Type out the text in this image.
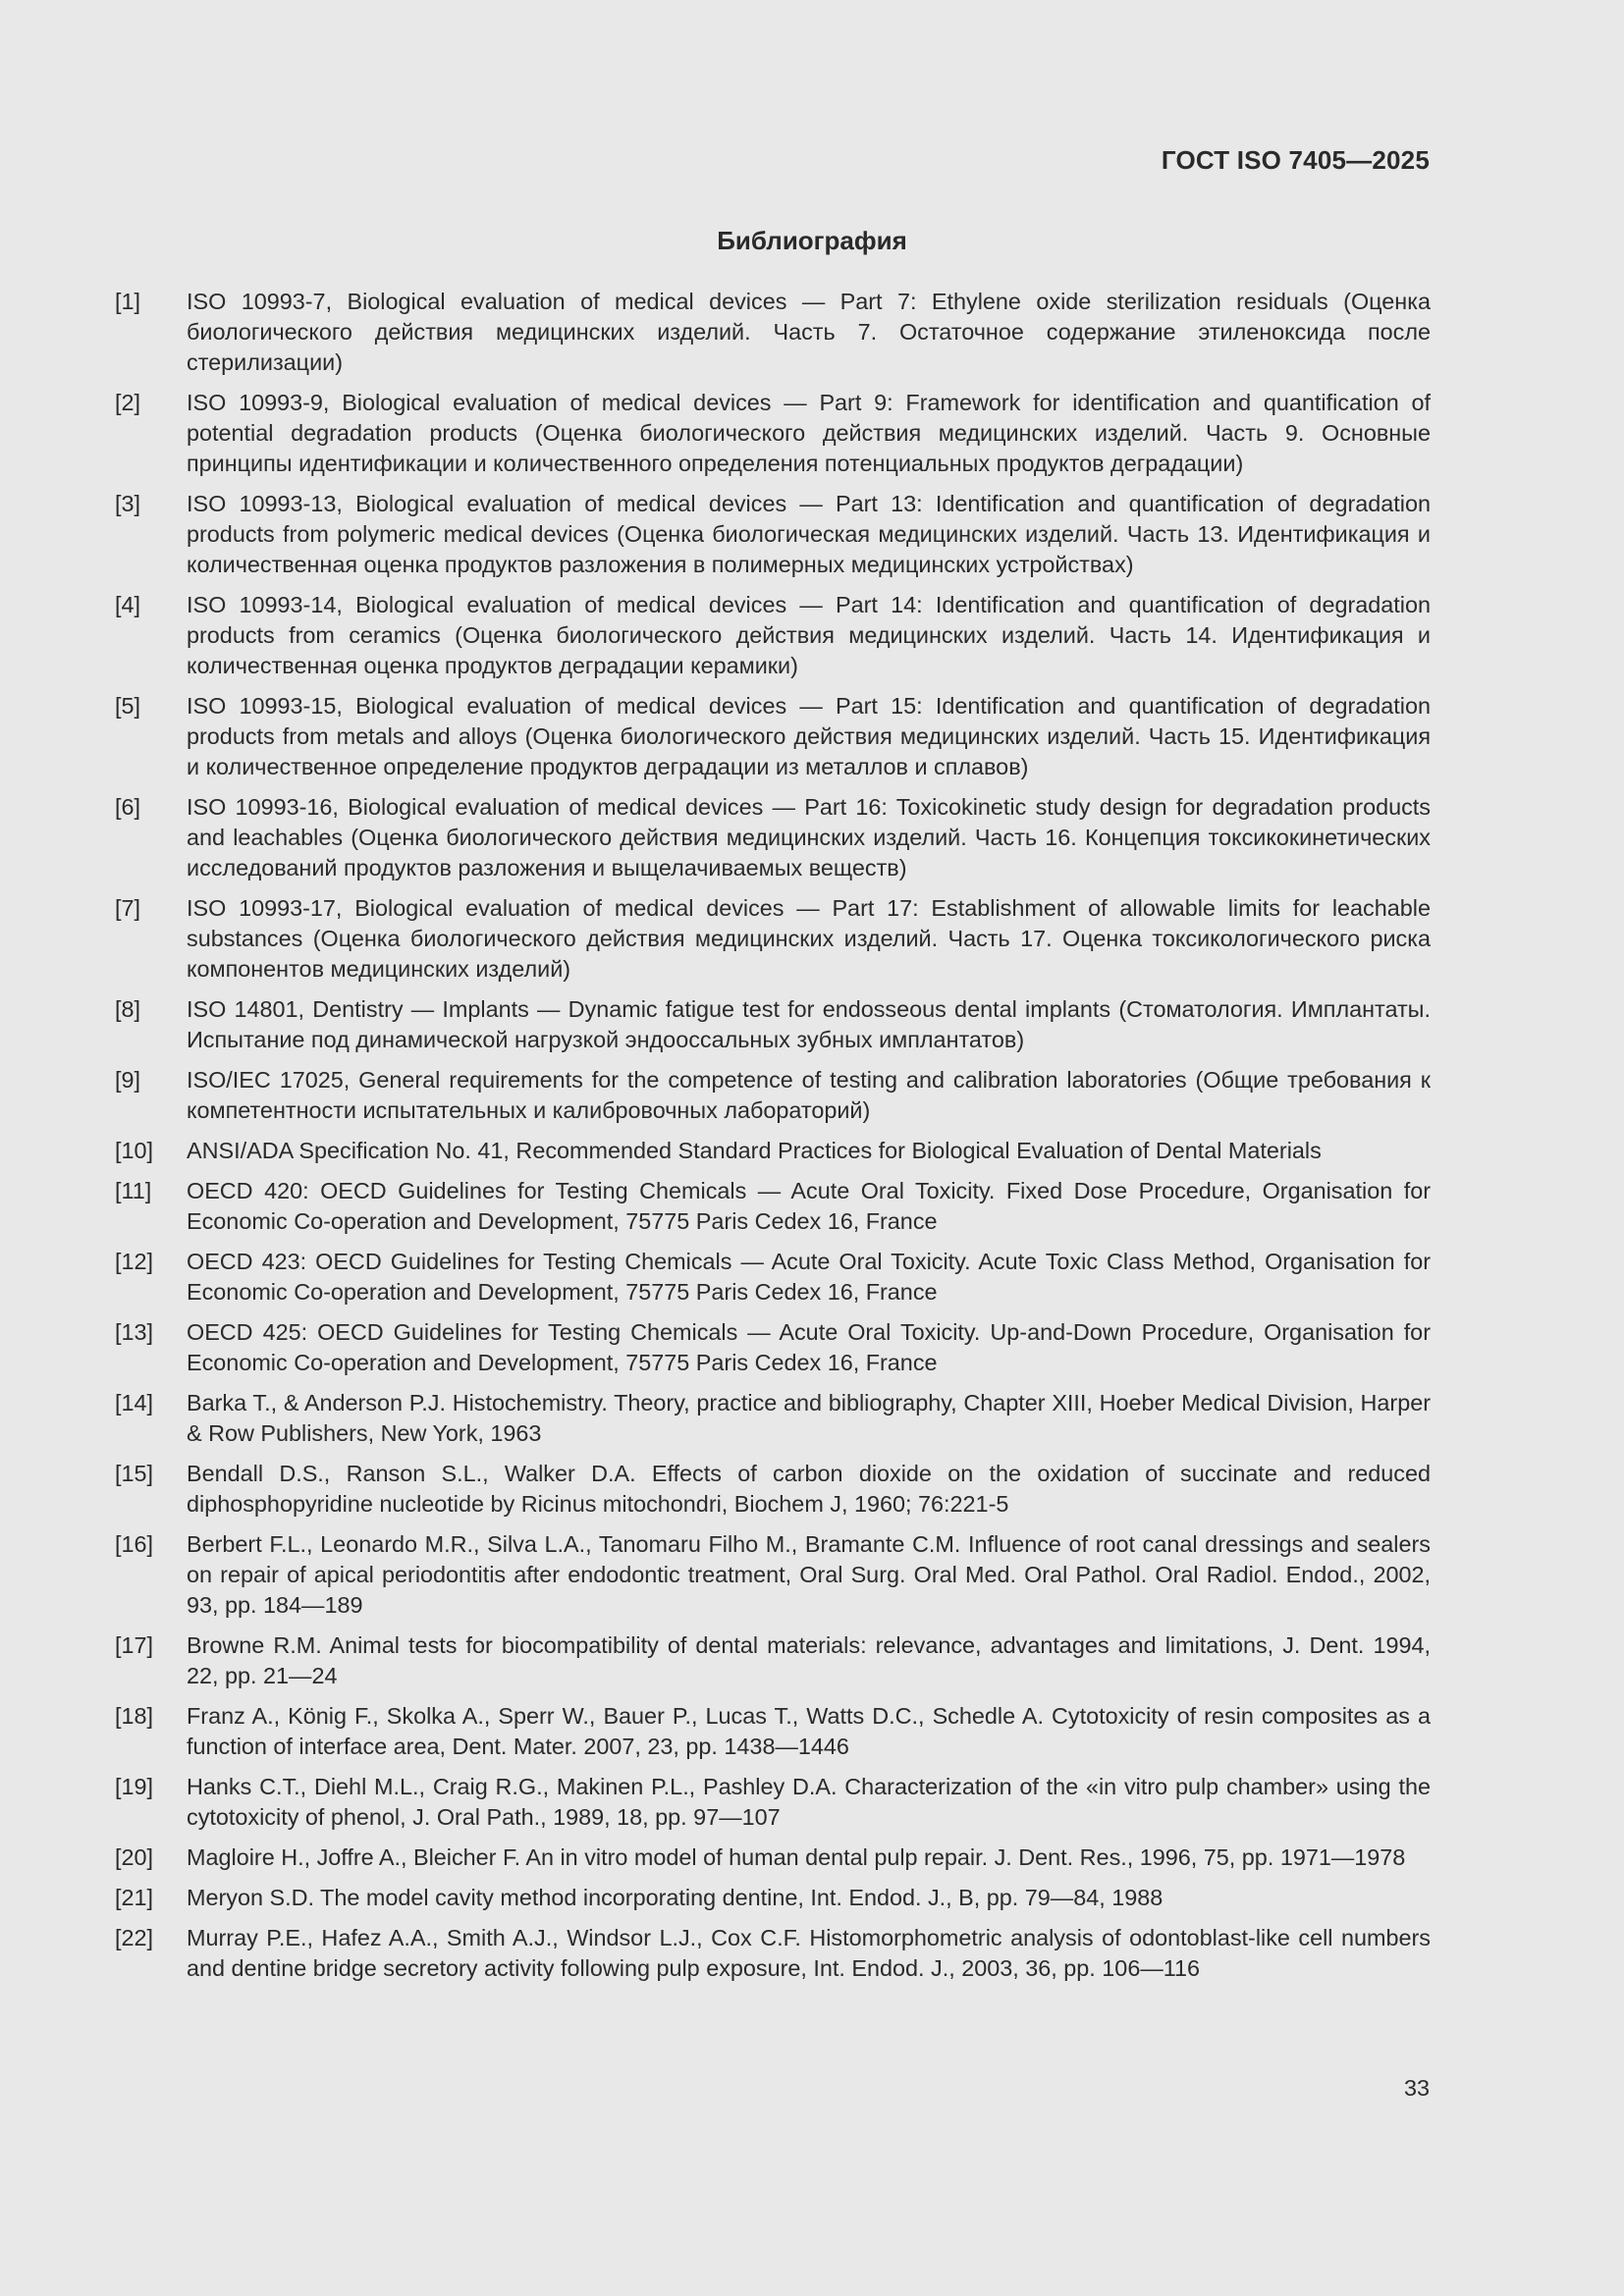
ГОСТ ISO 7405—2025
Библиография
[1]	ISO 10993-7, Biological evaluation of medical devices — Part 7: Ethylene oxide sterilization residuals (Оценка биологического действия медицинских изделий. Часть 7. Остаточное содержание этиленоксида после стерилизации)
[2]	ISO 10993-9, Biological evaluation of medical devices — Part 9: Framework for identification and quantification of potential degradation products (Оценка биологического действия медицинских изделий. Часть 9. Основные принципы идентификации и количественного определения потенциальных продуктов деградации)
[3]	ISO 10993-13, Biological evaluation of medical devices — Part 13: Identification and quantification of degradation products from polymeric medical devices (Оценка биологическая медицинских изделий. Часть 13. Идентификация и количественная оценка продуктов разложения в полимерных медицинских устройствах)
[4]	ISO 10993-14, Biological evaluation of medical devices — Part 14: Identification and quantification of degradation products from ceramics (Оценка биологического действия медицинских изделий. Часть 14. Идентификация и количественная оценка продуктов деградации керамики)
[5]	ISO 10993-15, Biological evaluation of medical devices — Part 15: Identification and quantification of degradation products from metals and alloys (Оценка биологического действия медицинских изделий. Часть 15. Идентификация и количественное определение продуктов деградации из металлов и сплавов)
[6]	ISO 10993-16, Biological evaluation of medical devices — Part 16: Toxicokinetic study design for degradation products and leachables (Оценка биологического действия медицинских изделий. Часть 16. Концепция токсикокинетических исследований продуктов разложения и выщелачиваемых веществ)
[7]	ISO 10993-17, Biological evaluation of medical devices — Part 17: Establishment of allowable limits for leachable substances (Оценка биологического действия медицинских изделий. Часть 17. Оценка токсикологического риска компонентов медицинских изделий)
[8]	ISO 14801, Dentistry — Implants — Dynamic fatigue test for endosseous dental implants (Стоматология. Имплантаты. Испытание под динамической нагрузкой эндооссальных зубных имплантатов)
[9]	ISO/IEC 17025, General requirements for the competence of testing and calibration laboratories (Общие требования к компетентности испытательных и калибровочных лабораторий)
[10]	ANSI/ADA Specification No. 41, Recommended Standard Practices for Biological Evaluation of Dental Materials
[11]	OECD 420: OECD Guidelines for Testing Chemicals — Acute Oral Toxicity. Fixed Dose Procedure, Organisation for Economic Co-operation and Development, 75775 Paris Cedex 16, France
[12]	OECD 423: OECD Guidelines for Testing Chemicals — Acute Oral Toxicity. Acute Toxic Class Method, Organisation for Economic Co-operation and Development, 75775 Paris Cedex 16, France
[13]	OECD 425: OECD Guidelines for Testing Chemicals — Acute Oral Toxicity. Up-and-Down Procedure, Organisation for Economic Co-operation and Development, 75775 Paris Cedex 16, France
[14]	Barka T., & Anderson P.J. Histochemistry. Theory, practice and bibliography, Chapter XIII, Hoeber Medical Division, Harper & Row Publishers, New York, 1963
[15]	Bendall D.S., Ranson S.L., Walker D.A. Effects of carbon dioxide on the oxidation of succinate and reduced diphosphopyridine nucleotide by Ricinus mitochondri, Biochem J, 1960; 76:221-5
[16]	Berbert F.L., Leonardo M.R., Silva L.A., Tanomaru Filho M., Bramante C.M. Influence of root canal dressings and sealers on repair of apical periodontitis after endodontic treatment, Oral Surg. Oral Med. Oral Pathol. Oral Radiol. Endod., 2002, 93, pp. 184—189
[17]	Browne R.M. Animal tests for biocompatibility of dental materials: relevance, advantages and limitations, J. Dent. 1994, 22, pp. 21—24
[18]	Franz A., König F., Skolka A., Sperr W., Bauer P., Lucas T., Watts D.C., Schedle A. Cytotoxicity of resin composites as a function of interface area, Dent. Mater. 2007, 23, pp. 1438—1446
[19]	Hanks C.T., Diehl M.L., Craig R.G., Makinen P.L., Pashley D.A. Characterization of the «in vitro pulp chamber» using the cytotoxicity of phenol, J. Oral Path., 1989, 18, pp. 97—107
[20]	Magloire H., Joffre A., Bleicher F. An in vitro model of human dental pulp repair. J. Dent. Res., 1996, 75, pp. 1971—1978
[21]	Meryon S.D. The model cavity method incorporating dentine, Int. Endod. J., B, pp. 79—84, 1988
[22]	Murray P.E., Hafez A.A., Smith A.J., Windsor L.J., Cox C.F. Histomorphometric analysis of odontoblast-like cell numbers and dentine bridge secretory activity following pulp exposure, Int. Endod. J., 2003, 36, pp. 106—116
33
